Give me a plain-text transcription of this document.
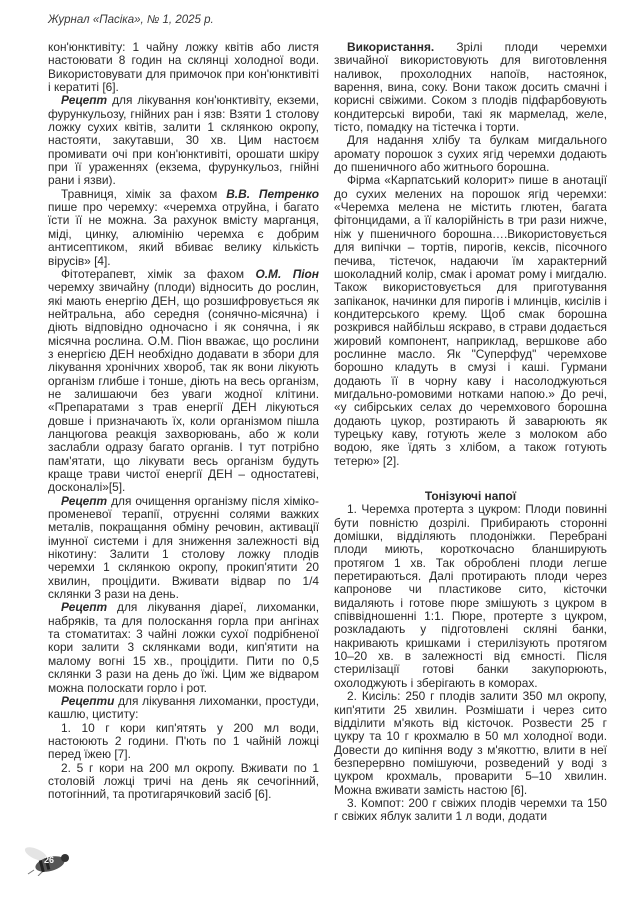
Журнал «Пасіка», № 1, 2025 р.

кон'юнктивіту: 1 чайну ложку квітів або листя настоювати 8 годин на склянці холодної води. Використовувати для примочок при кон'юнктивіті і кератиті [6].

Рецепт для лікування кон'юнктивіту, екземи, фурункульозу, гнійних ран і язв: Взяти 1 столову ложку сухих квітів, залити 1 склянкою окропу, настояти, закутавши, 30 хв. Цим настоєм промивати очі при кон'юнктивіті, орошати шкіру при її ураженнях (екзема, фурункульоз, гнійні рани і язви).

Травниця, хімік за фахом В.В. Петренко пише про черемху: «черемха отруйна, і багато їсти її не можна. За рахунок вмісту марганця, міді, цинку, алюмінію черемха є добрим антисептиком, який вбиває велику кількість вірусів» [4].

Фітотерапевт, хімік за фахом О.М. Піон черемху звичайну (плоди) відносить до рослин, які мають енергію ДЕН, що розшифровується як нейтральна, або середня (сонячно-місячна) і діють відповідно одночасно і як сонячна, і як місячна рослина. О.М. Піон вважає, що рослини з енергією ДЕН необхідно додавати в збори для лікування хронічних хвороб, так як вони лікують організм глибше і тонше, діють на весь організм, не залишаючи без уваги жодної клітини. «Препаратами з трав енергії ДЕН лікуються довше і призначають їх, коли організмом пішла ланцюгова реакція захворювань, або ж коли заслабли одразу багато органів. І тут потрібно пам'ятати, що лікувати весь організм будуть краще трави чистої енергії ДЕН – одностатеві, досконалі»[5].

Рецепт для очищення організму після хіміко-променевої терапії, отруєнні солями важких металів, покращання обміну речовин, активації імунної системи і для зниження залежності від нікотину: Залити 1 столову ложку плодів черемхи 1 склянкою окропу, прокип'ятити 20 хвилин, процідити. Вживати відвар по 1/4 склянки 3 рази на день.

Рецепт для лікування діареї, лихоманки, набряків, та для полоскання горла при ангінах та стоматитах: 3 чайні ложки сухої подрібненої кори залити 3 склянками води, кип'ятити на малому вогні 15 хв., процідити. Пити по 0,5 склянки 3 рази на день до їжі. Цим же відваром можна полоскати горло і рот.

Рецепти для лікування лихоманки, простуди, кашлю, циститу:

1. 10 г кори кип'ятять у 200 мл води, настоюють 2 години. П'ють по 1 чайній ложці перед їжею [7].

2. 5 г кори на 200 мл окропу. Вживати по 1 столовій ложці тричі на день як сечогінний, потогінний, та протигарячковий засіб [6].

Використання. Зрілі плоди черемхи звичайної використовують для виготовлення наливок, прохолодних напоїв, настоянок, варення, вина, соку. Вони також досить смачні і корисні свіжими. Соком з плодів підфарбовують кондитерські вироби, такі як мармелад, желе, тісто, помадку на тістечка і торти.

Для надання хлібу та булкам мигдального аромату порошок з сухих ягід черемхи додають до пшеничного або житнього борошна.

Фірма «Карпатський колорит» пише в анотації до сухих мелених на порошок ягід черемхи: «Черемха мелена не містить глютен, багата фітонцидами, а її калорійність в три рази нижче, ніж у пшеничного борошна….Використовується для випічки – тортів, пирогів, кексів, пісочного печива, тістечок, надаючи їм характерний шоколадний колір, смак і аромат рому і мигдалю. Також використовується для приготування запіканок, начинки для пирогів і млинців, кисілів і кондитерського крему. Щоб смак борошна розкрився найбільш яскраво, в страви додається жировий компонент, наприклад, вершкове або рослинне масло. Як "Суперфуд" черемхове борошно кладуть в смузі і каші. Гурмани додають її в чорну каву і насолоджуються мигдально-ромовими нотками напою.» До речі, «у сибірських селах до черемхового борошна додають цукор, розтирають й заварюють як турецьку каву, готують желе з молоком або водою, яке їдять з хлібом, а також готують тетерю» [2].

Тонізуючі напої

1. Черемха протерта з цукром: Плоди повинні бути повністю дозрілі. Прибирають сторонні домішки, відділяють плодоніжки. Перебрані плоди миють, короткочасно бланширують протягом 1 хв. Так оброблені плоди легше перетираються. Далі протирають плоди через капронове чи пластикове сито, кісточки видаляють і готове пюре змішують з цукром в співвідношенні 1:1. Пюре, протерте з цукром, розкладають у підготовлені скляні банки, накривають кришками і стерилізують протягом 10–20 хв. в залежності від ємності. Після стерилізації готові банки закупорюють, охолоджують і зберігають в коморах.

2. Кисіль: 250 г плодів залити 350 мл окропу, кип'ятити 25 хвилин. Розмішати і через сито відділити м'якоть від кісточок. Розвести 25 г цукру та 10 г крохмалю в 50 мл холодної води. Довести до кипіння воду з м'якоттю, влити в неї безперервно помішуючи, розведений у воді з цукром крохмаль, проварити 5–10 хвилин. Можна вживати замість настою [6].

3. Компот: 200 г свіжих плодів черемхи та 150 г свіжих яблук залити 1 л води, додати

26
